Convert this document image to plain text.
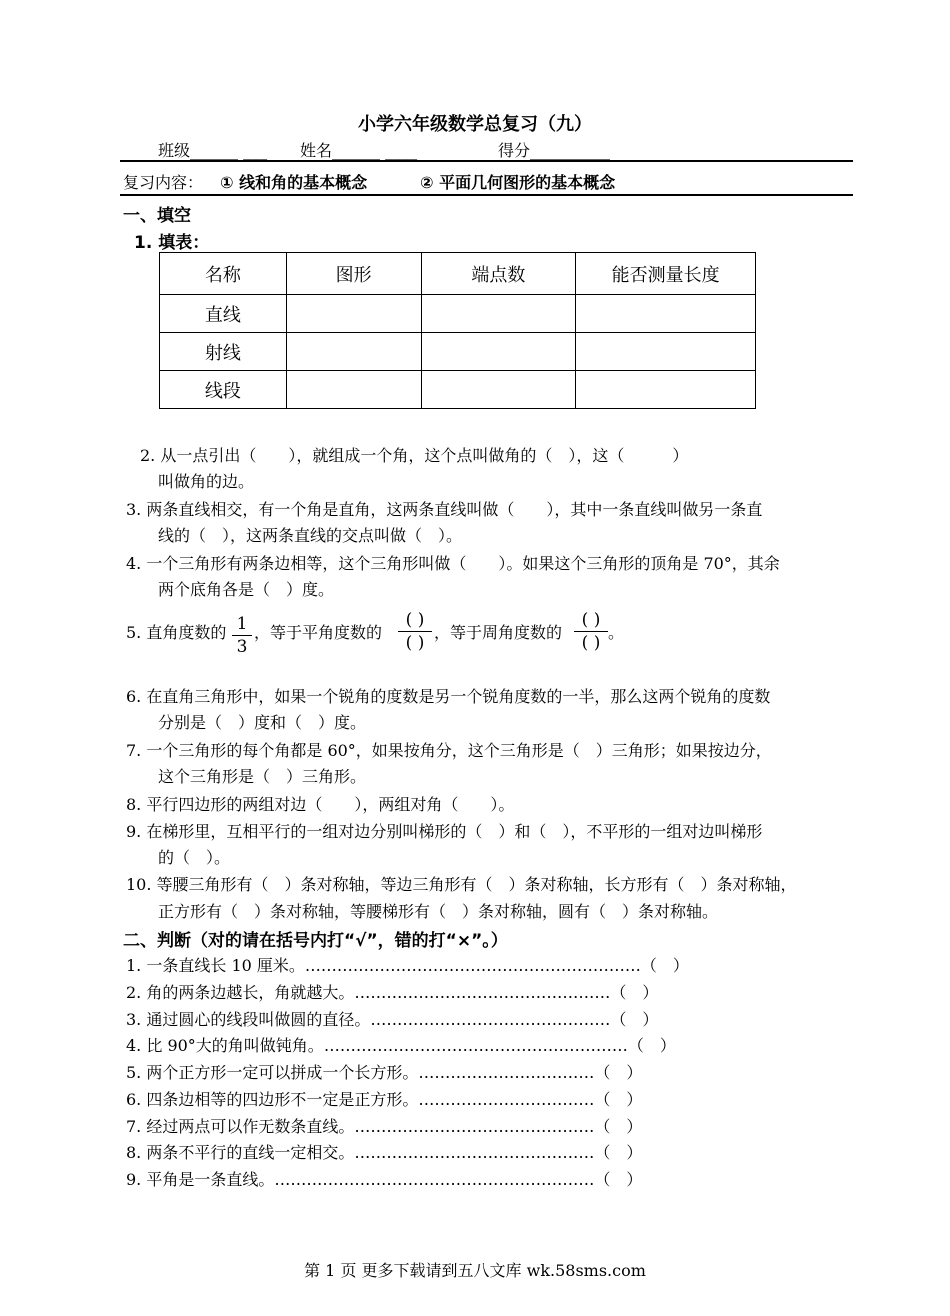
小学六年级数学总复习（九）
班级______ ___ 姓名______ ____	得分__________
复习内容： ① 线和角的基本概念	② 平面几何图形的基本概念
一、填空
1. 填表：
名称	图形	端点数	能否测量长度
直线			
射线			
线段			
2. 从一点引出（　　），就组成一个角，这个点叫做角的（　），这（　　　）
叫做角的边。
3. 两条直线相交，有一个角是直角，这两条直线叫做（　　），其中一条直线叫做另一条直
线的（　），这两条直线的交点叫做（　）。
4. 一个三角形有两条边相等，这个三角形叫做（　　）。如果这个三角形的顶角是 70°，其余
两个底角各是（　）度。
5. 直角度数的 1
3
，等于平角度数的
( )
( )
，等于周角度数的
( )
( )
。
6. 在直角三角形中，如果一个锐角的度数是另一个锐角度数的一半，那么这两个锐角的度数
分别是（　）度和（　）度。
7. 一个三角形的每个角都是 60°，如果按角分，这个三角形是（　）三角形；如果按边分，
这个三角形是（　）三角形。
8. 平行四边形的两组对边（　　），两组对角（　　）。
9. 在梯形里，互相平行的一组对边分别叫梯形的（　）和（　），不平形的一组对边叫梯形
的（　）。
10. 等腰三角形有（　）条对称轴，等边三角形有（　）条对称轴，长方形有（　）条对称轴，
正方形有（　）条对称轴，等腰梯形有（　）条对称轴，圆有（　）条对称轴。
二、判断（对的请在括号内打“√”，错的打“×”。）
1. 一条直线长 10 厘米。………………………………………………………（　）
2. 角的两条边越长，角就越大。…………………………………………（　）
3. 通过圆心的线段叫做圆的直径。………………………………………（　）
4. 比 90°大的角叫做钝角。…………………………………………………（　）
5. 两个正方形一定可以拼成一个长方形。……………………………（　）
6. 四条边相等的四边形不一定是正方形。……………………………（　）
7. 经过两点可以作无数条直线。………………………………………（　）
8. 两条不平行的直线一定相交。………………………………………（　）
9. 平角是一条直线。……………………………………………………（　）
第 1 页 更多下载请到五八文库 wk.58sms.com
